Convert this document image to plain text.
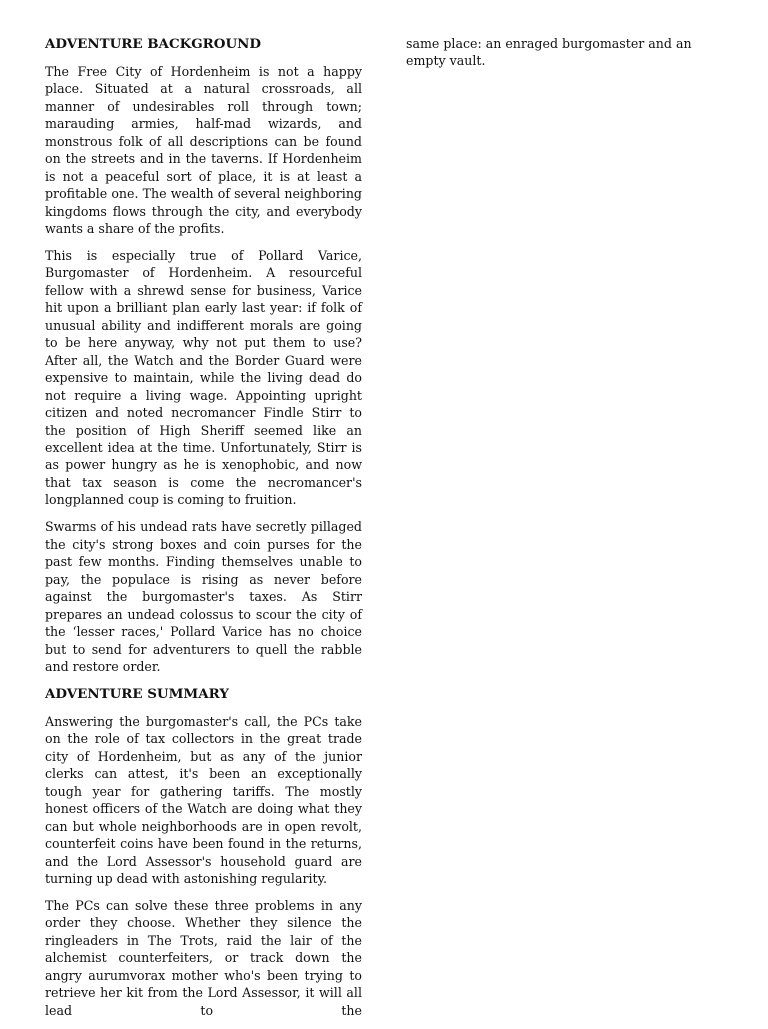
ADVENTURE BACKGROUND

The Free City of Hordenheim is not a happy place. Situated at a natural crossroads, all manner of undesirables roll through town; marauding armies, half-mad wizards, and monstrous folk of all descriptions can be found on the streets and in the taverns. If Hordenheim is not a peaceful sort of place, it is at least a profitable one. The wealth of several neighboring kingdoms flows through the city, and everybody wants a share of the profits.

This is especially true of Pollard Varice, Burgomaster of Hordenheim. A resourceful fellow with a shrewd sense for business, Varice hit upon a brilliant plan early last year: if folk of unusual ability and indifferent morals are going to be here anyway, why not put them to use? After all, the Watch and the Border Guard were expensive to maintain, while the living dead do not require a living wage. Appointing upright citizen and noted necromancer Findle Stirr to the position of High Sheriff seemed like an excellent idea at the time. Unfortunately, Stirr is as power hungry as he is xenophobic, and now that tax season is come the necromancer's longplanned coup is coming to fruition.

Swarms of his undead rats have secretly pillaged the city's strong boxes and coin purses for the past few months. Finding themselves unable to pay, the populace is rising as never before against the burgomaster's taxes. As Stirr prepares an undead colossus to scour the city of the ‘lesser races,' Pollard Varice has no choice but to send for adventurers to quell the rabble and restore order.

ADVENTURE SUMMARY

Answering the burgomaster's call, the PCs take on the role of tax collectors in the great trade city of Hordenheim, but as any of the junior clerks can attest, it's been an exceptionally tough year for gathering tariffs. The mostly honest officers of the Watch are doing what they can but whole neighborhoods are in open revolt, counterfeit coins have been found in the returns, and the Lord Assessor's household guard are turning up dead with astonishing regularity.

The PCs can solve these three problems in any order they choose. Whether they silence the ringleaders in The Trots, raid the lair of the alchemist counterfeiters, or track down the angry aurumvorax mother who's been trying to retrieve her kit from the Lord Assessor, it will all lead to the

same place: an enraged burgomaster and an empty vault.
